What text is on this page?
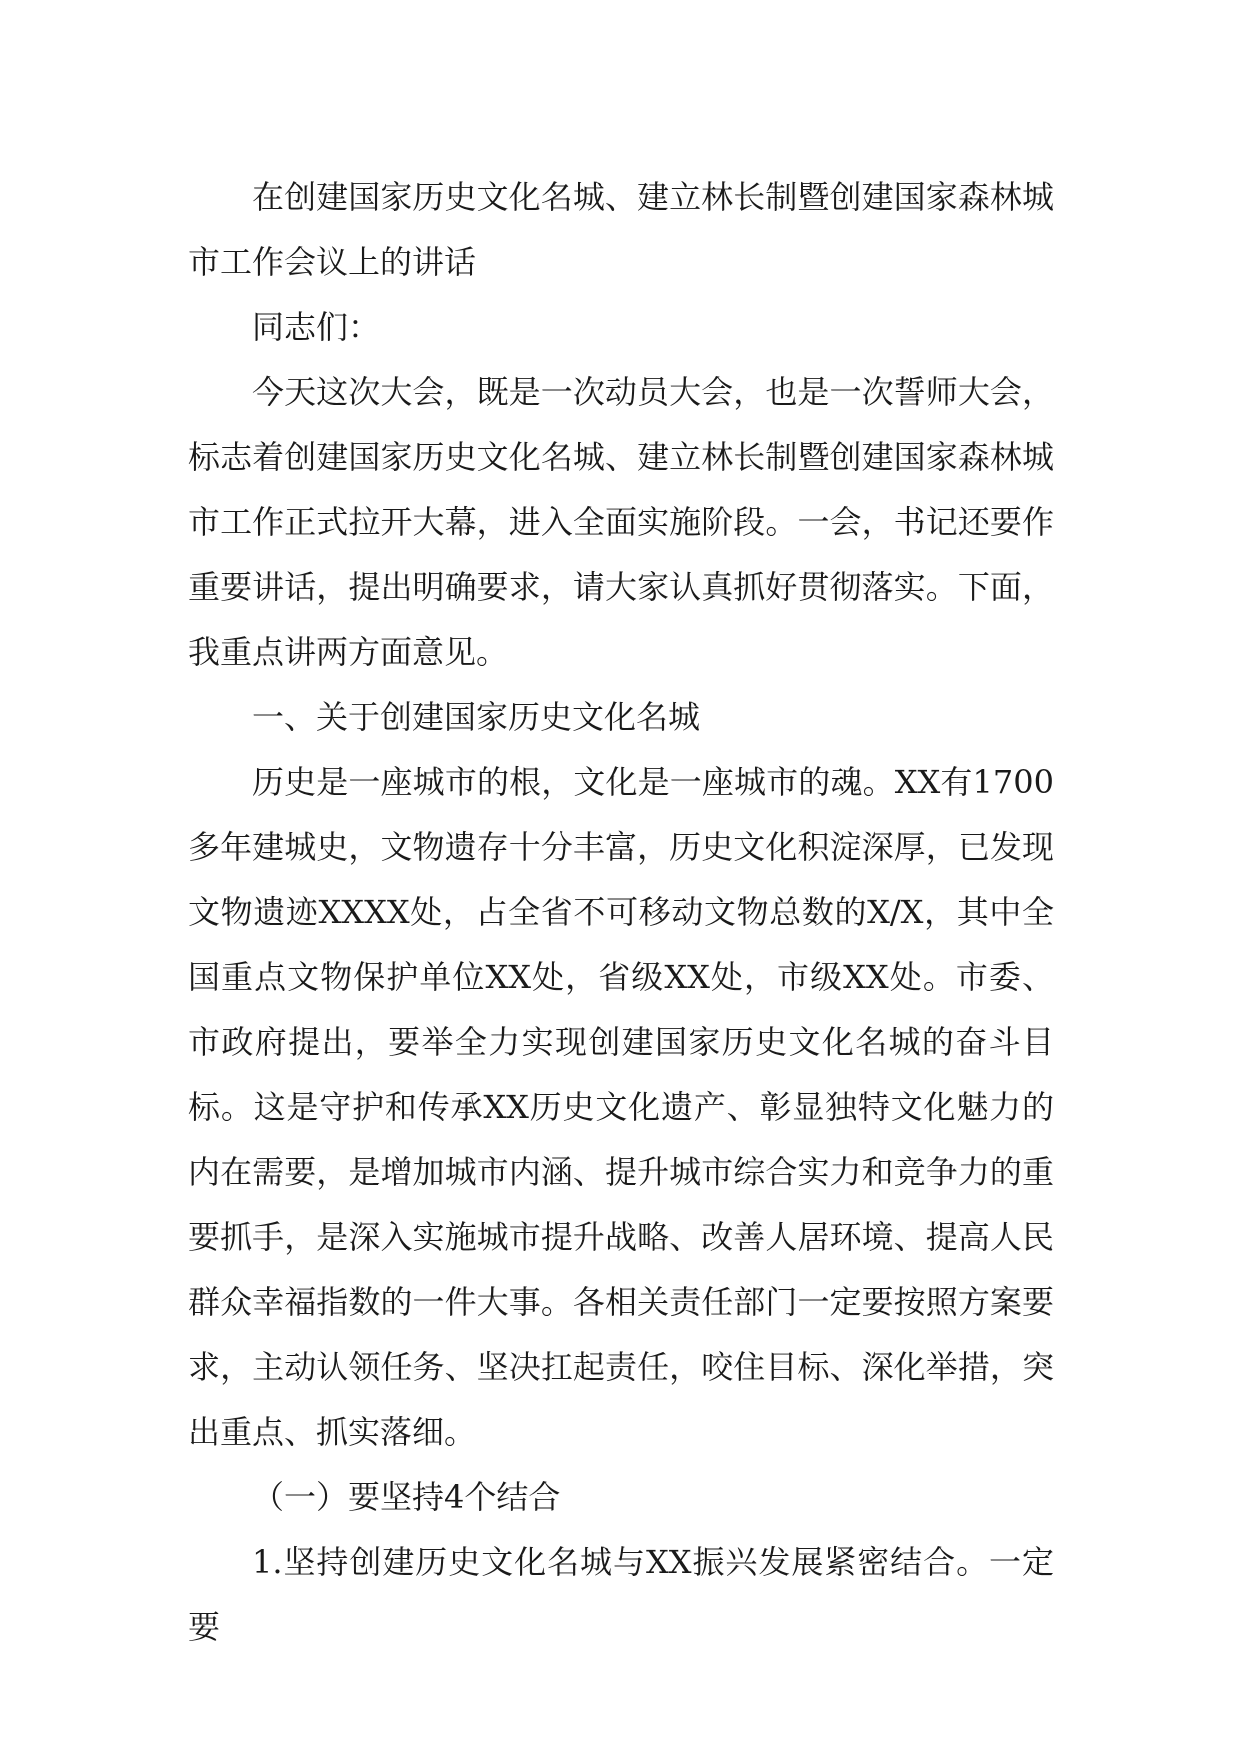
在创建国家历史文化名城、建立林长制暨创建国家森林城市工作会议上的讲话

同志们：

今天这次大会，既是一次动员大会，也是一次誓师大会，标志着创建国家历史文化名城、建立林长制暨创建国家森林城市工作正式拉开大幕，进入全面实施阶段。一会，书记还要作重要讲话，提出明确要求，请大家认真抓好贯彻落实。下面，我重点讲两方面意见。

一、关于创建国家历史文化名城

历史是一座城市的根，文化是一座城市的魂。XX有1700多年建城史，文物遗存十分丰富，历史文化积淀深厚，已发现文物遗迹XXXX处，占全省不可移动文物总数的X/X，其中全国重点文物保护单位XX处，省级XX处，市级XX处。市委、市政府提出，要举全力实现创建国家历史文化名城的奋斗目标。这是守护和传承XX历史文化遗产、彰显独特文化魅力的内在需要，是增加城市内涵、提升城市综合实力和竞争力的重要抓手，是深入实施城市提升战略、改善人居环境、提高人民群众幸福指数的一件大事。各相关责任部门一定要按照方案要求，主动认领任务、坚决扛起责任，咬住目标、深化举措，突出重点、抓实落细。

（一）要坚持4个结合

1.坚持创建历史文化名城与XX振兴发展紧密结合。一定要
